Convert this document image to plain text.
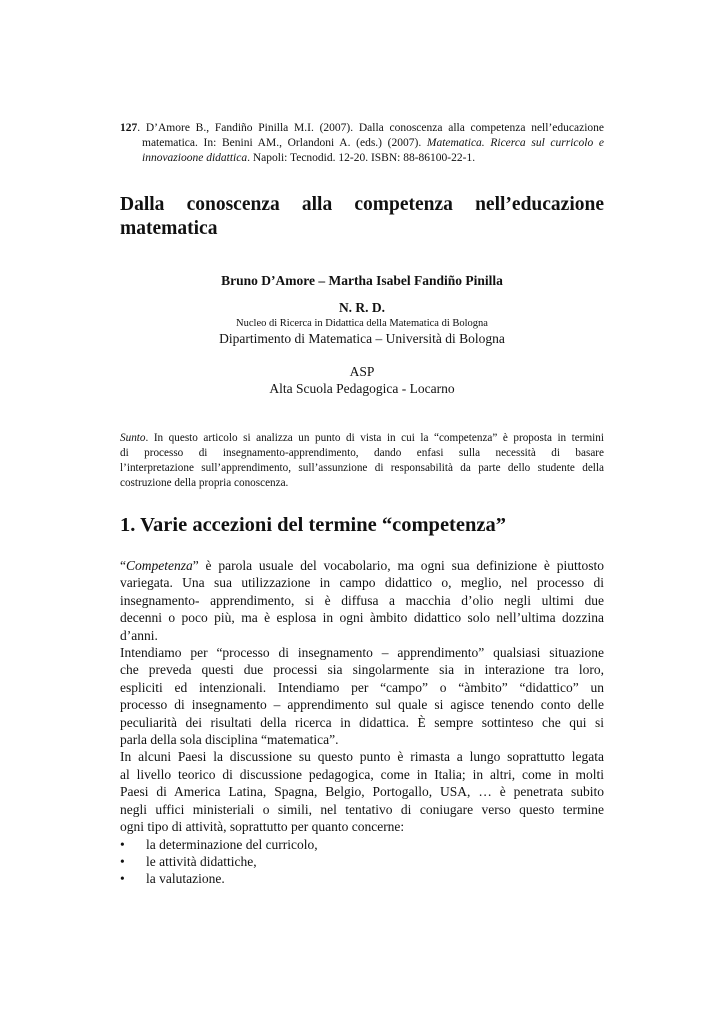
127. D’Amore B., Fandiño Pinilla M.I. (2007). Dalla conoscenza alla competenza nell’educazione
matematica. In: Benini AM., Orlandoni A. (eds.) (2007). Matematica. Ricerca sul curricolo e
innovazioone didattica. Napoli: Tecnodid. 12-20. ISBN: 88-86100-22-1.
Dalla conoscenza alla competenza nell’educazione
matematica
Bruno D’Amore – Martha Isabel Fandiño Pinilla
N. R. D.
Nucleo di Ricerca in Didattica della Matematica di Bologna
Dipartimento di Matematica – Università di Bologna
ASP
Alta Scuola Pedagogica - Locarno
Sunto. In questo articolo si analizza un punto di vista in cui la “competenza” è proposta in termini
di processo di insegnamento-apprendimento, dando enfasi sulla necessità di basare
l’interpretazione sull’apprendimento, sull’assunzione di responsabilità da parte dello studente della
costruzione della propria conoscenza.
1. Varie accezioni del termine “competenza”
“Competenza” è parola usuale del vocabolario, ma ogni sua definizione è piuttosto
variegata. Una sua utilizzazione in campo didattico o, meglio, nel processo di
insegnamento- apprendimento, si è diffusa a macchia d’olio negli ultimi due
decenni o poco più, ma è esplosa in ogni àmbito didattico solo nell’ultima dozzina
d’anni.
Intendiamo per “processo di insegnamento – apprendimento” qualsiasi situazione
che preveda questi due processi sia singolarmente sia in interazione tra loro,
espliciti ed intenzionali. Intendiamo per “campo” o “àmbito” “didattico” un
processo di insegnamento – apprendimento sul quale si agisce tenendo conto delle
peculiarità dei risultati della ricerca in didattica. È sempre sottinteso che qui si
parla della sola disciplina “matematica”.
In alcuni Paesi la discussione su questo punto è rimasta a lungo soprattutto legata
al livello teorico di discussione pedagogica, come in Italia; in altri, come in molti
Paesi di America Latina, Spagna, Belgio, Portogallo, USA, … è penetrata subito
negli uffici ministeriali o simili, nel tentativo di coniugare verso questo termine
ogni tipo di attività, soprattutto per quanto concerne:
•	la determinazione del curricolo,
•	le attività didattiche,
•	la valutazione.
